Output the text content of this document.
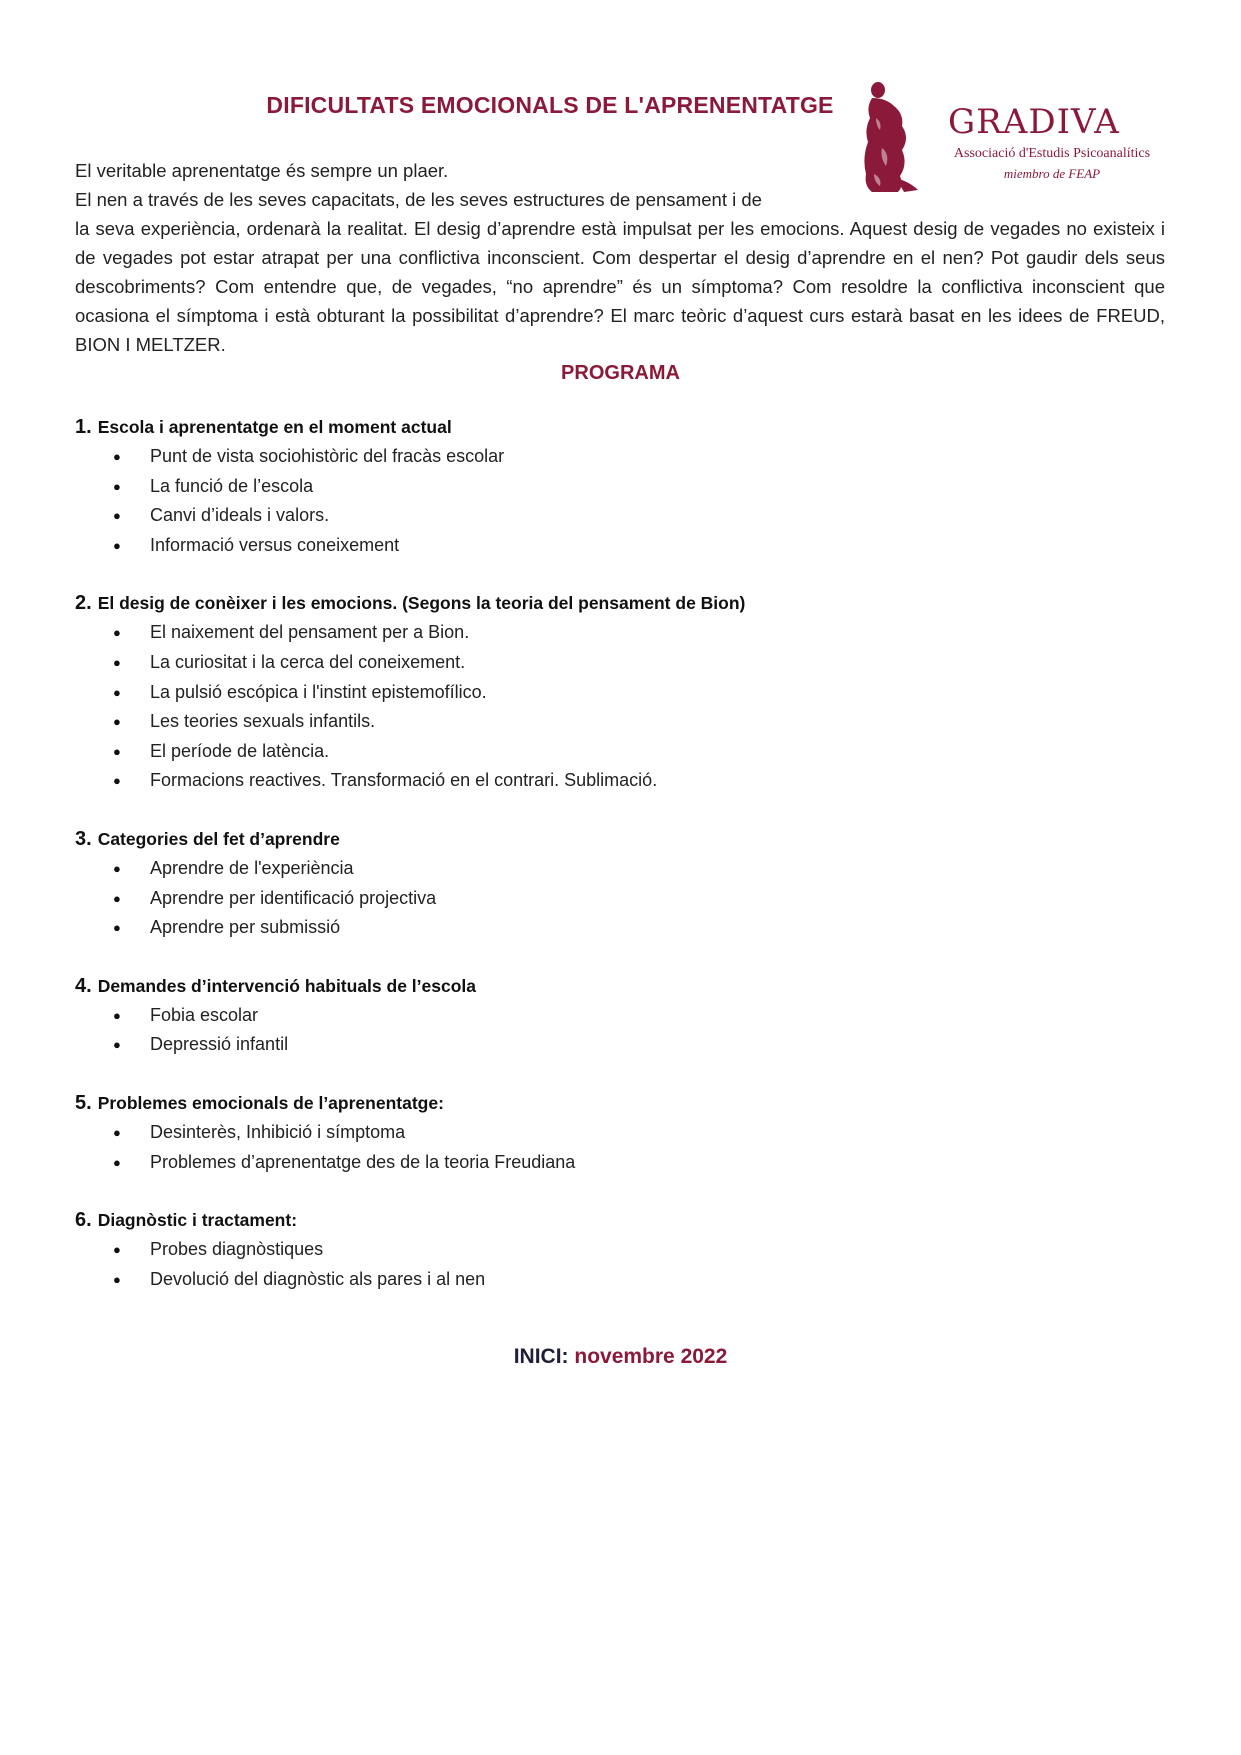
DIFICULTATS EMOCIONALS DE L'APRENENTATGE	GRADIVA
Associació d'Estudis Psicoanalítics
miembro de FEAP

El veritable aprenentatge és sempre un plaer.

El nen a través de les seves capacitats, de les seves estructures de pensament i de

la seva experiència, ordenarà la realitat. El desig d’aprendre està impulsat per les emocions. Aquest desig de vegades no existeix i de vegades pot estar atrapat per una conflictiva inconscient. Com despertar el desig d’aprendre en el nen? Pot gaudir dels seus descobriments? Com entendre que, de vegades, “no aprendre” és un símptoma? Com resoldre la conflictiva inconscient que ocasiona el símptoma i està obturant la possibilitat d’aprendre? El marc teòric d’aquest curs estarà basat en les idees de FREUD, BION I MELTZER.

PROGRAMA
1. Escola i aprenentatge en el moment actual
● Punt de vista sociohistòric del fracàs escolar
● La funció de l’escola
● Canvi d’ideals i valors.
● Informació versus coneixement
2. El desig de conèixer i les emocions. (Segons la teoria del pensament de Bion)
● El naixement del pensament per a Bion.
● La curiositat i la cerca del coneixement.
● La pulsió escópica i l'instint epistemofílico.
● Les teories sexuals infantils.
● El període de latència.
● Formacions reactives. Transformació en el contrari. Sublimació.
3. Categories del fet d’aprendre
● Aprendre de l'experiència
● Aprendre per identificació projectiva
● Aprendre per submissió
4. Demandes d’intervenció habituals de l’escola
● Fobia escolar
● Depressió infantil
5. Problemes emocionals de l’aprenentatge:
● Desinterès, Inhibició i símptoma
● Problemes d’aprenentatge des de la teoria Freudiana
6. Diagnòstic i tractament:
● Probes diagnòstiques
● Devolució del diagnòstic als pares i al nen
INICI: novembre 2022
